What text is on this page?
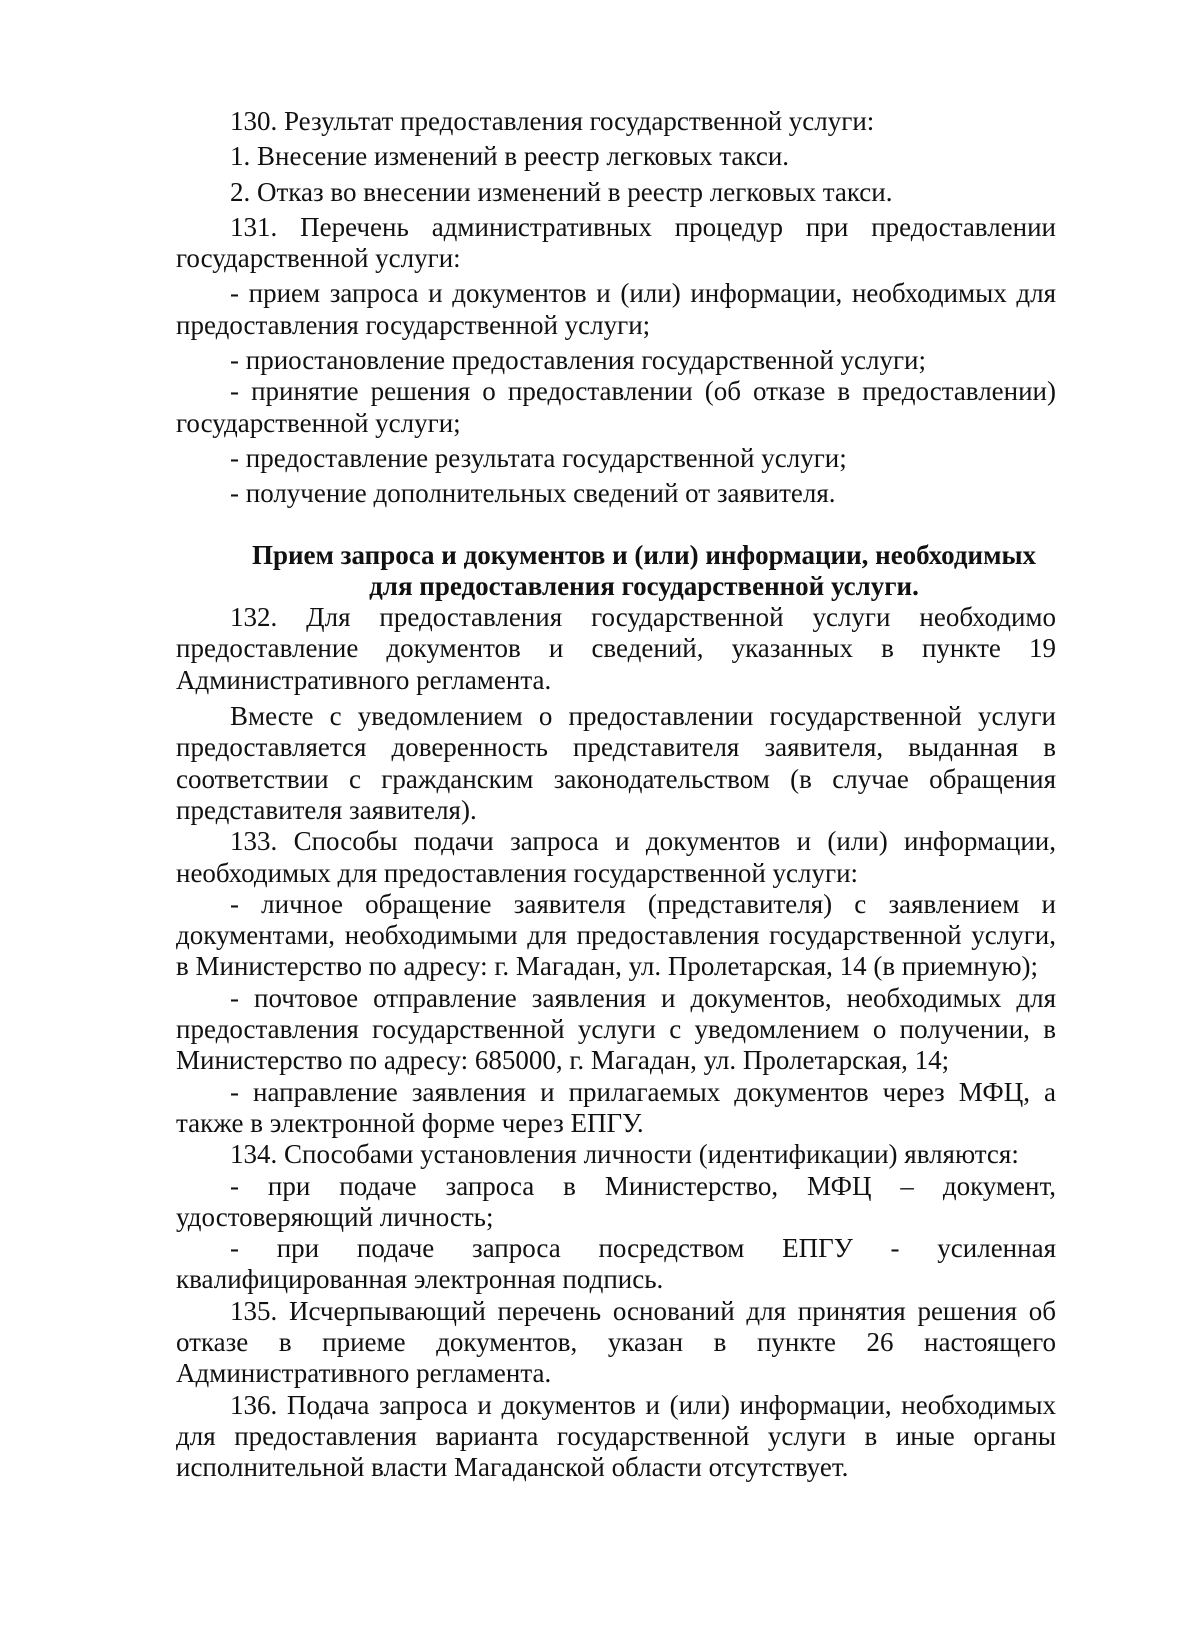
130. Результат предоставления государственной услуги:

1. Внесение изменений в реестр легковых такси.

2. Отказ во внесении изменений в реестр легковых такси.

131. Перечень административных процедур при предоставлении государственной услуги:

- прием запроса и документов и (или) информации, необходимых для предоставления государственной услуги;

- приостановление предоставления государственной услуги;

- принятие решения о предоставлении (об отказе в предоставлении) государственной услуги;

- предоставление результата государственной услуги;

- получение дополнительных сведений от заявителя.

Прием запроса и документов и (или) информации, необходимых для предоставления государственной услуги.

132. Для предоставления государственной услуги необходимо предоставление документов и сведений, указанных в пункте 19 Административного регламента.

Вместе с уведомлением о предоставлении государственной услуги предоставляется доверенность представителя заявителя, выданная в соответствии с гражданским законодательством (в случае обращения представителя заявителя).

133. Способы подачи запроса и документов и (или) информации, необходимых для предоставления государственной услуги:

- личное обращение заявителя (представителя) с заявлением и документами, необходимыми для предоставления государственной услуги, в Министерство по адресу: г. Магадан, ул. Пролетарская, 14 (в приемную);

- почтовое отправление заявления и документов, необходимых для предоставления государственной услуги с уведомлением о получении, в Министерство по адресу: 685000, г. Магадан, ул. Пролетарская, 14;

- направление заявления и прилагаемых документов через МФЦ, а также в электронной форме через ЕПГУ.

134. Способами установления личности (идентификации) являются:

- при подаче запроса в Министерство, МФЦ – документ, удостоверяющий личность;

- при подаче запроса посредством ЕПГУ - усиленная квалифицированная электронная подпись.

135. Исчерпывающий перечень оснований для принятия решения об отказе в приеме документов, указан в пункте 26 настоящего Административного регламента.

136. Подача запроса и документов и (или) информации, необходимых для предоставления варианта государственной услуги в иные органы исполнительной власти Магаданской области отсутствует.
